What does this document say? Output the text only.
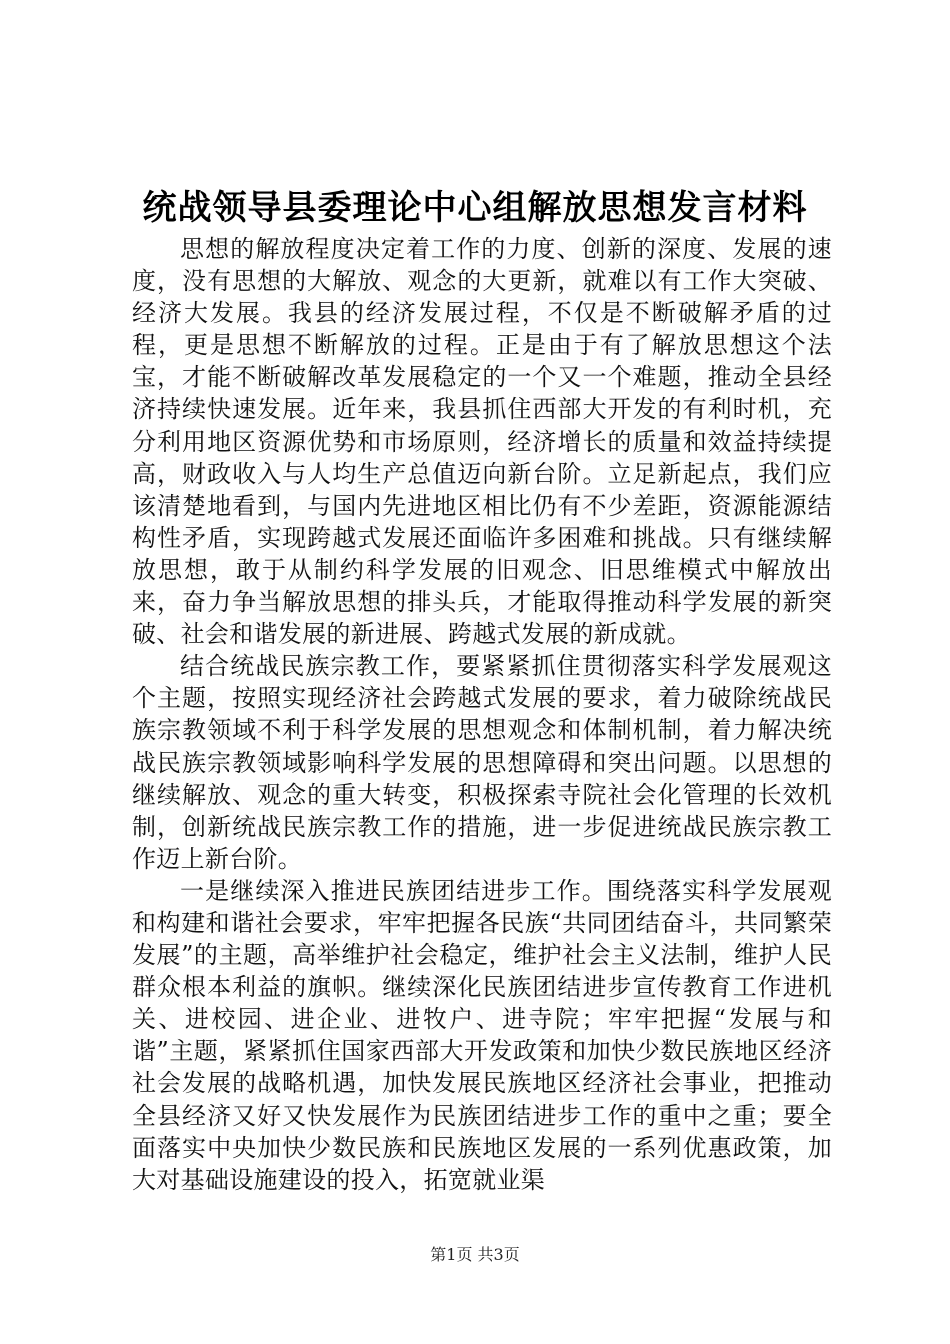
统战领导县委理论中心组解放思想发言材料

思想的解放程度决定着工作的力度、创新的深度、发展的速度，没有思想的大解放、观念的大更新，就难以有工作大突破、经济大发展。我县的经济发展过程，不仅是不断破解矛盾的过程，更是思想不断解放的过程。正是由于有了解放思想这个法宝，才能不断破解改革发展稳定的一个又一个难题，推动全县经济持续快速发展。近年来，我县抓住西部大开发的有利时机，充分利用地区资源优势和市场原则，经济增长的质量和效益持续提高，财政收入与人均生产总值迈向新台阶。立足新起点，我们应该清楚地看到，与国内先进地区相比仍有不少差距，资源能源结构性矛盾，实现跨越式发展还面临许多困难和挑战。只有继续解放思想，敢于从制约科学发展的旧观念、旧思维模式中解放出来，奋力争当解放思想的排头兵，才能取得推动科学发展的新突破、社会和谐发展的新进展、跨越式发展的新成就。

结合统战民族宗教工作，要紧紧抓住贯彻落实科学发展观这个主题，按照实现经济社会跨越式发展的要求，着力破除统战民族宗教领域不利于科学发展的思想观念和体制机制，着力解决统战民族宗教领域影响科学发展的思想障碍和突出问题。以思想的继续解放、观念的重大转变，积极探索寺院社会化管理的长效机制，创新统战民族宗教工作的措施，进一步促进统战民族宗教工作迈上新台阶。

一是继续深入推进民族团结进步工作。围绕落实科学发展观和构建和谐社会要求，牢牢把握各民族“共同团结奋斗，共同繁荣发展”的主题，高举维护社会稳定，维护社会主义法制，维护人民群众根本利益的旗帜。继续深化民族团结进步宣传教育工作进机关、进校园、进企业、进牧户、进寺院；牢牢把握“发展与和谐”主题，紧紧抓住国家西部大开发政策和加快少数民族地区经济社会发展的战略机遇，加快发展民族地区经济社会事业，把推动全县经济又好又快发展作为民族团结进步工作的重中之重；要全面落实中央加快少数民族和民族地区发展的一系列优惠政策，加大对基础设施建设的投入，拓宽就业渠

第1页 共3页
